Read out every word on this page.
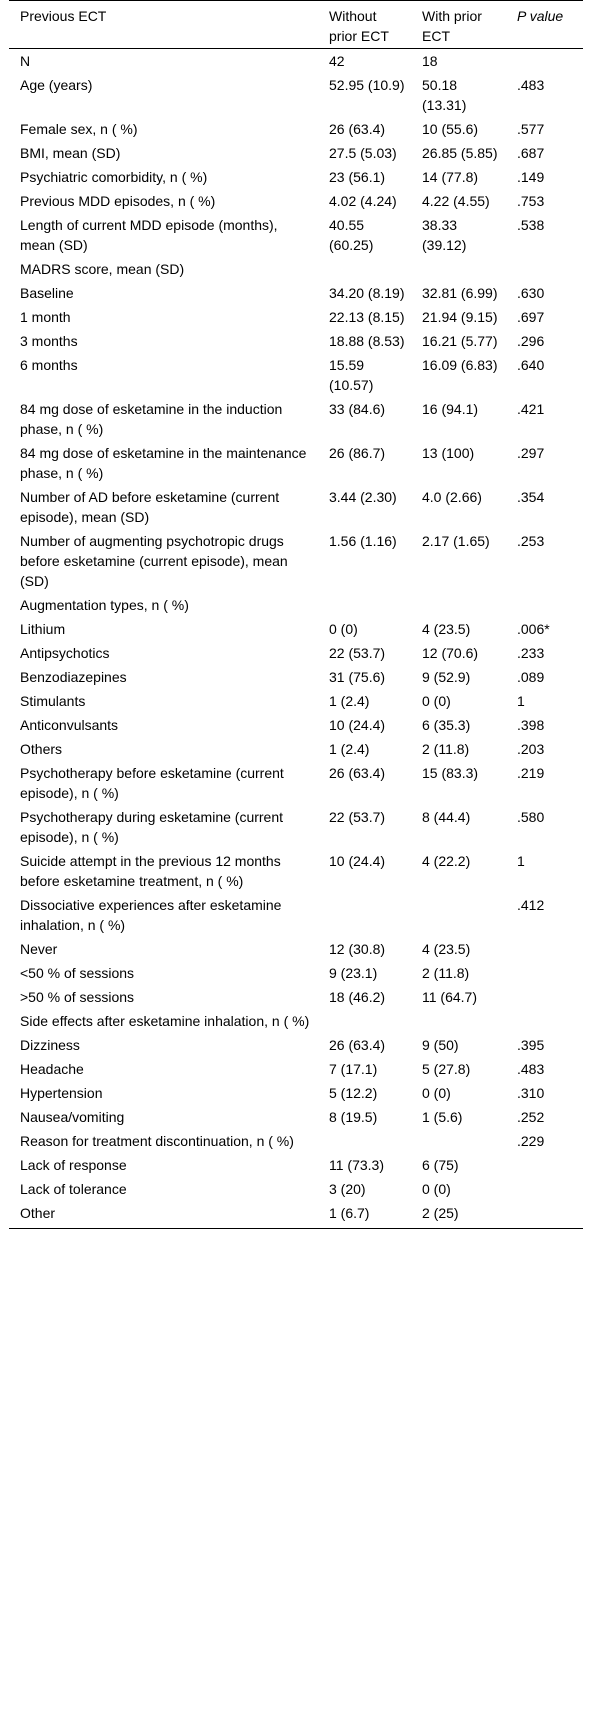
Previous ECT	Without prior ECT	With prior ECT	P value
N	42	18	
Age (years)	52.95 (10.9)	50.18 (13.31)	.483
Female sex, n ( %)	26 (63.4)	10 (55.6)	.577
BMI, mean (SD)	27.5 (5.03)	26.85 (5.85)	.687
Psychiatric comorbidity, n ( %)	23 (56.1)	14 (77.8)	.149
Previous MDD episodes, n ( %)	4.02 (4.24)	4.22 (4.55)	.753
Length of current MDD episode (months), mean (SD)	40.55 (60.25)	38.33 (39.12)	.538
MADRS score, mean (SD)			
Baseline	34.20 (8.19)	32.81 (6.99)	.630
1 month	22.13 (8.15)	21.94 (9.15)	.697
3 months	18.88 (8.53)	16.21 (5.77)	.296
6 months	15.59 (10.57)	16.09 (6.83)	.640
84 mg dose of esketamine in the induction phase, n ( %)	33 (84.6)	16 (94.1)	.421
84 mg dose of esketamine in the maintenance phase, n ( %)	26 (86.7)	13 (100)	.297
Number of AD before esketamine (current episode), mean (SD)	3.44 (2.30)	4.0 (2.66)	.354
Number of augmenting psychotropic drugs before esketamine (current episode), mean (SD)	1.56 (1.16)	2.17 (1.65)	.253
Augmentation types, n ( %)			
Lithium	0 (0)	4 (23.5)	.006*
Antipsychotics	22 (53.7)	12 (70.6)	.233
Benzodiazepines	31 (75.6)	9 (52.9)	.089
Stimulants	1 (2.4)	0 (0)	1
Anticonvulsants	10 (24.4)	6 (35.3)	.398
Others	1 (2.4)	2 (11.8)	.203
Psychotherapy before esketamine (current episode), n ( %)	26 (63.4)	15 (83.3)	.219
Psychotherapy during esketamine (current episode), n ( %)	22 (53.7)	8 (44.4)	.580
Suicide attempt in the previous 12 months before esketamine treatment, n ( %)	10 (24.4)	4 (22.2)	1
Dissociative experiences after esketamine inhalation, n ( %)			.412
Never	12 (30.8)	4 (23.5)	
<50 % of sessions	9 (23.1)	2 (11.8)	
>50 % of sessions	18 (46.2)	11 (64.7)	
Side effects after esketamine inhalation, n ( %)			
Dizziness	26 (63.4)	9 (50)	.395
Headache	7 (17.1)	5 (27.8)	.483
Hypertension	5 (12.2)	0 (0)	.310
Nausea/vomiting	8 (19.5)	1 (5.6)	.252
Reason for treatment discontinuation, n ( %)			.229
Lack of response	11 (73.3)	6 (75)	
Lack of tolerance	3 (20)	0 (0)	
Other	1 (6.7)	2 (25)	
